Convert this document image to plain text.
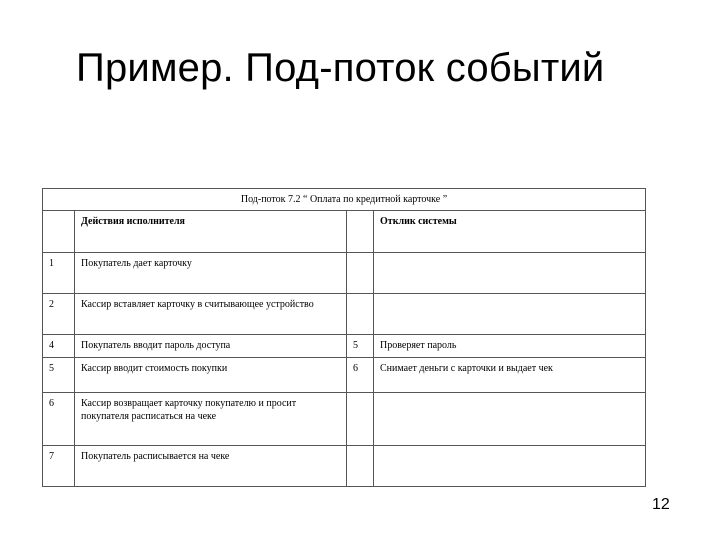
Пример. Под-поток событий
Под-поток 7.2 “ Оплата по кредитной карточке ”			
	Действия исполнителя		Отклик системы
1	Покупатель дает карточку		
2	Кассир вставляет карточку в считывающее устройство		
4	Покупатель вводит пароль доступа	5	Проверяет пароль
5	Кассир вводит стоимость покупки	6	Снимает деньги с карточки и выдает чек
6	Кассир возвращает карточку покупателю и просит покупателя расписаться на чеке		
7	Покупатель расписывается на чеке		
12
